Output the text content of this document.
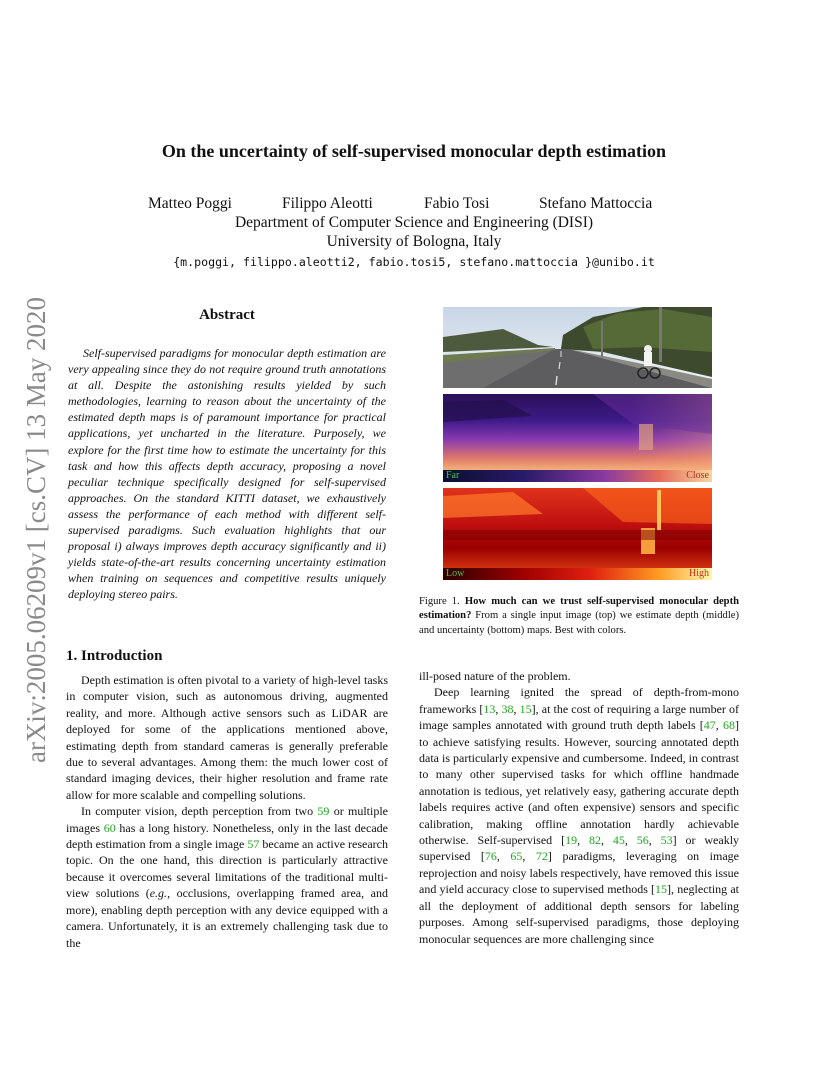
On the uncertainty of self-supervised monocular depth estimation
Matteo Poggi	Filippo Aleotti	Fabio Tosi	Stefano Mattoccia
Department of Computer Science and Engineering (DISI)
University of Bologna, Italy
{m.poggi, filippo.aleotti2, fabio.tosi5, stefano.mattoccia }@unibo.it
arXiv:2005.06209v1 [cs.CV] 13 May 2020	Abstract

Self-supervised paradigms for monocular depth estimation are very appealing since they do not require ground truth annotations at all. Despite the astonishing results yielded by such methodologies, learning to reason about the uncertainty of the estimated depth maps is of paramount importance for practical applications, yet uncharted in the literature. Purposely, we explore for the first time how to estimate the uncertainty for this task and how this affects depth accuracy, proposing a novel peculiar technique specifically designed for self-supervised approaches. On the standard KITTI dataset, we exhaustively assess the performance of each method with different self-supervised paradigms. Such evaluation highlights that our proposal i) always improves depth accuracy significantly and ii) yields state-of-the-art results concerning uncertainty estimation when training on sequences and competitive results uniquely deploying stereo pairs.

Far	Close
Low	High
Figure 1. How much can we trust self-supervised monocular depth estimation? From a single input image (top) we estimate depth (middle) and uncertainty (bottom) maps. Best with colors.
1. Introduction

Depth estimation is often pivotal to a variety of high-level tasks in computer vision, such as autonomous driving, augmented reality, and more. Although active sensors such as LiDAR are deployed for some of the applications mentioned above, estimating depth from standard cameras is generally preferable due to several advantages. Among them: the much lower cost of standard imaging devices, their higher resolution and frame rate allow for more scalable and compelling solutions.

In computer vision, depth perception from two 59 or multiple images 60 has a long history. Nonetheless, only in the last decade depth estimation from a single image 57 became an active research topic. On the one hand, this direction is particularly attractive because it overcomes several limitations of the traditional multi-view solutions (e.g., occlusions, overlapping framed area, and more), enabling depth perception with any device equipped with a camera. Unfortunately, it is an extremely challenging task due to the

ill-posed nature of the problem.

Deep learning ignited the spread of depth-from-mono frameworks [13, 38, 15], at the cost of requiring a large number of image samples annotated with ground truth depth labels [47, 68] to achieve satisfying results. However, sourcing annotated depth data is particularly expensive and cumbersome. Indeed, in contrast to many other supervised tasks for which offline handmade annotation is tedious, yet relatively easy, gathering accurate depth labels requires active (and often expensive) sensors and specific calibration, making offline annotation hardly achievable otherwise. Self-supervised [19, 82, 45, 56, 53] or weakly supervised [76, 65, 72] paradigms, leveraging on image reprojection and noisy labels respectively, have removed this issue and yield accuracy close to supervised methods [15], neglecting at all the deployment of additional depth sensors for labeling purposes. Among self-supervised paradigms, those deploying monocular sequences are more challenging since
